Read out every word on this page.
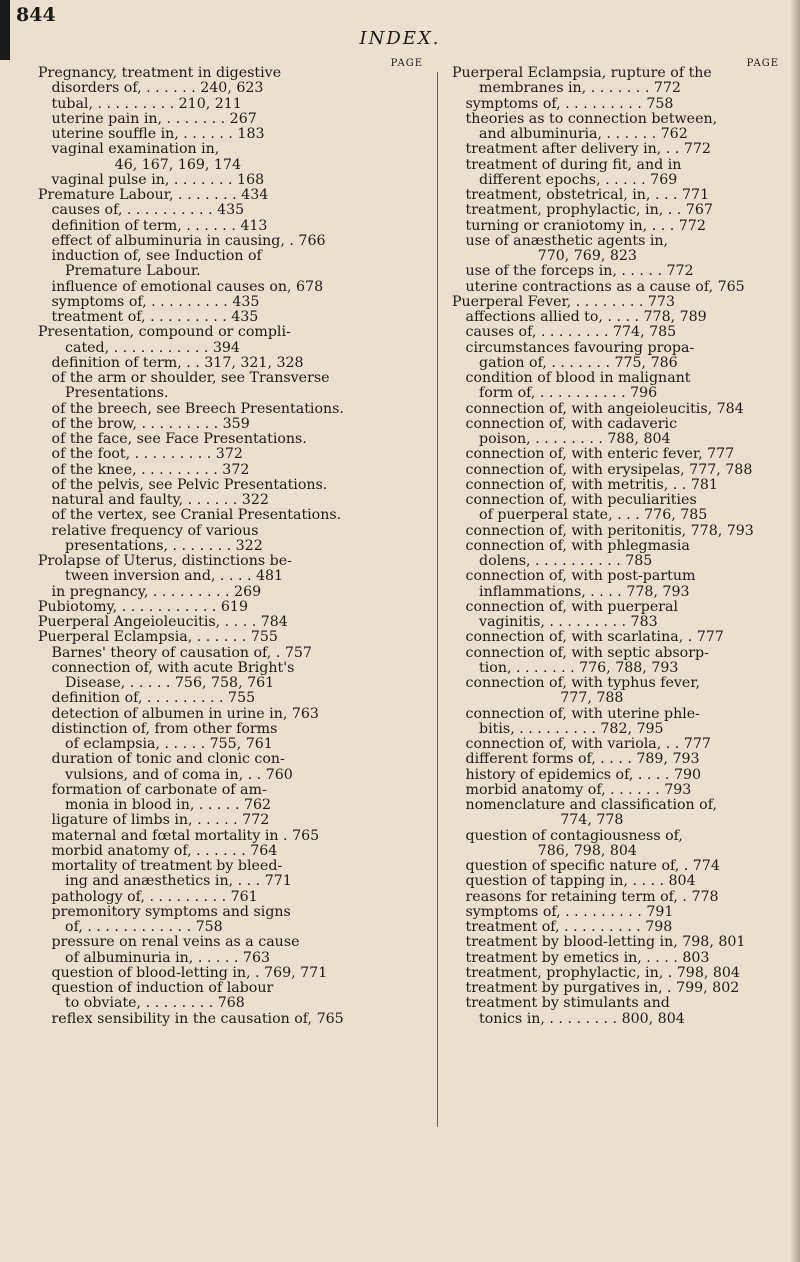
844
INDEX.
PAGE
Pregnancy, treatment in digestive
disorders of, . . . . . . 240, 623
tubal, . . . . . . . . . 210, 211
uterine pain in, . . . . . . . 267
uterine souffle in, . . . . . . 183
vaginal examination in,
46, 167, 169, 174
vaginal pulse in, . . . . . . . 168
Premature Labour, . . . . . . . 434
causes of, . . . . . . . . . . 435
definition of term, . . . . . . 413
effect of albuminuria in causing, . 766
induction of, see Induction of
Premature Labour.
influence of emotional causes on, 678
symptoms of, . . . . . . . . . 435
treatment of, . . . . . . . . . 435
Presentation, compound or compli-
cated, . . . . . . . . . . . 394
definition of term, . . 317, 321, 328
of the arm or shoulder, see Transverse
Presentations.
of the breech, see Breech Presentations.
of the brow, . . . . . . . . . 359
of the face, see Face Presentations.
of the foot, . . . . . . . . . 372
of the knee, . . . . . . . . . 372
of the pelvis, see Pelvic Presentations.
natural and faulty, . . . . . . 322
of the vertex, see Cranial Presentations.
relative frequency of various
presentations, . . . . . . . 322
Prolapse of Uterus, distinctions be-
tween inversion and, . . . . 481
in pregnancy, . . . . . . . . . 269
Pubiotomy, . . . . . . . . . . . 619
Puerperal Angeioleucitis, . . . . 784
Puerperal Eclampsia, . . . . . . 755
Barnes' theory of causation of, . 757
connection of, with acute Bright's
Disease, . . . . . 756, 758, 761
definition of, . . . . . . . . . 755
detection of albumen in urine in, 763
distinction of, from other forms
of eclampsia, . . . . . 755, 761
duration of tonic and clonic con-
vulsions, and of coma in, . . 760
formation of carbonate of am-
monia in blood in, . . . . . 762
ligature of limbs in, . . . . . 772
maternal and fœtal mortality in . 765
morbid anatomy of, . . . . . . 764
mortality of treatment by bleed-
ing and anæsthetics in, . . . 771
pathology of, . . . . . . . . . 761
premonitory symptoms and signs
of, . . . . . . . . . . . . 758
pressure on renal veins as a cause
of albuminuria in, . . . . . 763
question of blood-letting in, . 769, 771
question of induction of labour
to obviate, . . . . . . . . 768
reflex sensibility in the causation of, 765
PAGE
Puerperal Eclampsia, rupture of the
membranes in, . . . . . . . 772
symptoms of, . . . . . . . . . 758
theories as to connection between,
and albuminuria, . . . . . . 762
treatment after delivery in, . . 772
treatment of during fit, and in
different epochs, . . . . . 769
treatment, obstetrical, in, . . . 771
treatment, prophylactic, in, . . 767
turning or craniotomy in, . . . 772
use of anæsthetic agents in,
770, 769, 823
use of the forceps in, . . . . . 772
uterine contractions as a cause of, 765
Puerperal Fever, . . . . . . . . 773
affections allied to, . . . . 778, 789
causes of, . . . . . . . . 774, 785
circumstances favouring propa-
gation of, . . . . . . . 775, 786
condition of blood in malignant
form of, . . . . . . . . . . 796
connection of, with angeioleucitis, 784
connection of, with cadaveric
poison, . . . . . . . . 788, 804
connection of, with enteric fever, 777
connection of, with erysipelas, 777, 788
connection of, with metritis, . . 781
connection of, with peculiarities
of puerperal state, . . . 776, 785
connection of, with peritonitis, 778, 793
connection of, with phlegmasia
dolens, . . . . . . . . . . 785
connection of, with post-partum
inflammations, . . . . 778, 793
connection of, with puerperal
vaginitis, . . . . . . . . . 783
connection of, with scarlatina, . 777
connection of, with septic absorp-
tion, . . . . . . . 776, 788, 793
connection of, with typhus fever,
777, 788
connection of, with uterine phle-
bitis, . . . . . . . . . 782, 795
connection of, with variola, . . 777
different forms of, . . . . 789, 793
history of epidemics of, . . . . 790
morbid anatomy of, . . . . . . 793
nomenclature and classification of,
774, 778
question of contagiousness of,
786, 798, 804
question of specific nature of, . 774
question of tapping in, . . . . 804
reasons for retaining term of, . 778
symptoms of, . . . . . . . . . 791
treatment of, . . . . . . . . . 798
treatment by blood-letting in, 798, 801
treatment by emetics in, . . . . 803
treatment, prophylactic, in, . 798, 804
treatment by purgatives in, . 799, 802
treatment by stimulants and
tonics in, . . . . . . . . 800, 804
